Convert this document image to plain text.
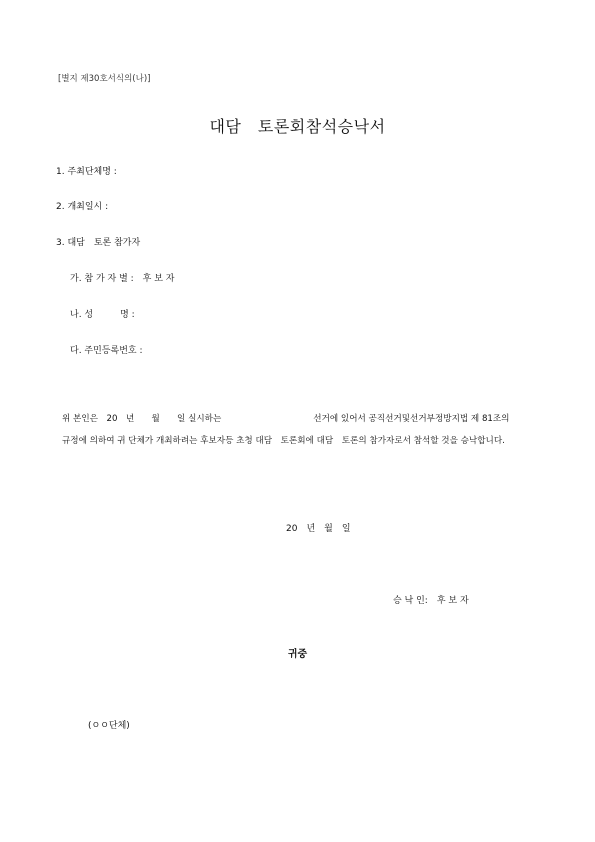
[별지 제30호서식의(나)]
대담　토론회참석승낙서
1. 주최단체명 :
2. 개최일시 :
3. 대담　토론 참가자
가. 참 가 자 별 :　후 보 자
나. 성　　　명 :
다. 주민등록번호 :
위 본인은　20　년　　월　　일 실시하는	선거에 있어서 공직선거및선거부정방지법 제 81조의 규정에 의하여 귀 단체가 개최하려는 후보자등 초청 대담　토론회에 대담　토론의 참가자로서 참석할 것을 승낙합니다.
20　년　월　일
승 낙 인:　후 보 자
귀중
(ㅇㅇ단체)
